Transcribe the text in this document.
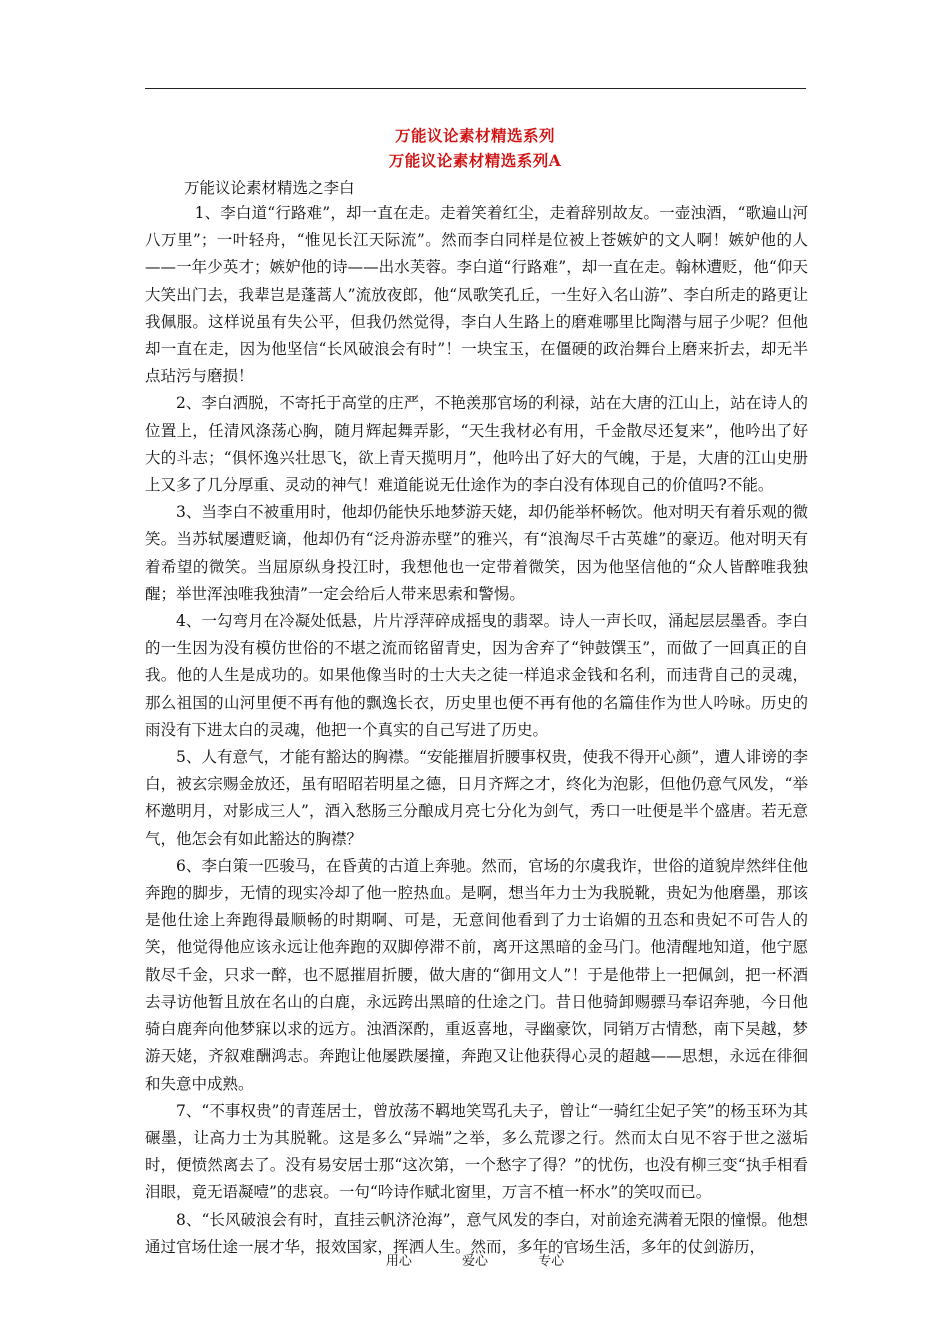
万能议论素材精选系列
万能议论素材精选系列A
万能议论素材精选之李白

1、李白道“行路难”，却一直在走。走着笑着红尘，走着辞别故友。一壶浊酒，“歌遍山河八万里”；一叶轻舟，“惟见长江天际流”。然而李白同样是位被上苍嫉妒的文人啊！嫉妒他的人——一年少英才；嫉妒他的诗——出水芙蓉。李白道“行路难”，却一直在走。翰林遭贬，他“仰天大笑出门去，我辈岂是蓬蒿人”流放夜郎，他“凤歌笑孔丘，一生好入名山游”、李白所走的路更让我佩服。这样说虽有失公平，但我仍然觉得，李白人生路上的磨难哪里比陶潜与屈子少呢？但他却一直在走，因为他坚信“长风破浪会有时”！一块宝玉，在僵硬的政治舞台上磨来折去，却无半点玷污与磨损！

2、李白洒脱，不寄托于高堂的庄严，不艳羡那官场的利禄，站在大唐的江山上，站在诗人的位置上，任清风涤荡心胸，随月辉起舞弄影，“天生我材必有用，千金散尽还复来”，他吟出了好大的斗志；“俱怀逸兴壮思飞，欲上青天揽明月”，他吟出了好大的气魄，于是，大唐的江山史册上又多了几分厚重、灵动的神气！难道能说无仕途作为的李白没有体现自己的价值吗?不能。

3、当李白不被重用时，他却仍能快乐地梦游天姥，却仍能举杯畅饮。他对明天有着乐观的微笑。当苏轼屡遭贬谪，他却仍有“泛舟游赤壁”的雅兴，有“浪淘尽千古英雄”的豪迈。他对明天有着希望的微笑。当屈原纵身投江时，我想他也一定带着微笑，因为他坚信他的“众人皆醉唯我独醒；举世浑浊唯我独清”一定会给后人带来思索和警惕。

4、一勾弯月在冷凝处低悬，片片浮萍碎成摇曳的翡翠。诗人一声长叹，涌起层层墨香。李白的一生因为没有模仿世俗的不堪之流而铭留青史，因为舍弃了“钟鼓馔玉”，而做了一回真正的自我。他的人生是成功的。如果他像当时的士大夫之徒一样追求金钱和名利，而违背自己的灵魂，那么祖国的山河里便不再有他的飘逸长衣，历史里也便不再有他的名篇佳作为世人吟咏。历史的雨没有下进太白的灵魂，他把一个真实的自己写进了历史。

5、人有意气，才能有豁达的胸襟。“安能摧眉折腰事权贵，使我不得开心颜”，遭人诽谤的李白，被玄宗赐金放还，虽有昭昭若明星之德，日月齐辉之才，终化为泡影，但他仍意气风发，“举杯邀明月，对影成三人”，酒入愁肠三分酿成月亮七分化为剑气，秀口一吐便是半个盛唐。若无意气，他怎会有如此豁达的胸襟？

6、李白策一匹骏马，在昏黄的古道上奔驰。然而，官场的尔虞我诈，世俗的道貌岸然绊住他奔跑的脚步，无情的现实冷却了他一腔热血。是啊，想当年力士为我脱靴，贵妃为他磨墨，那该是他仕途上奔跑得最顺畅的时期啊、可是，无意间他看到了力士谄媚的丑态和贵妃不可告人的笑，他觉得他应该永远让他奔跑的双脚停滞不前，离开这黑暗的金马门。他清醒地知道，他宁愿散尽千金，只求一醉，也不愿摧眉折腰，做大唐的“御用文人”！于是他带上一把佩剑，把一杯酒去寻访他暂且放在名山的白鹿，永远跨出黑暗的仕途之门。昔日他骑卸赐骠马奉诏奔驰，今日他骑白鹿奔向他梦寐以求的远方。浊酒深酌，重返喜地，寻幽豪饮，同销万古情愁，南下吴越，梦游天姥，齐叙难酬鸿志。奔跑让他屡跌屡撞，奔跑又让他获得心灵的超越——思想，永远在徘徊和失意中成熟。

7、“不事权贵”的青莲居士，曾放荡不羁地笑骂孔夫子，曾让“一骑红尘妃子笑”的杨玉环为其碾墨，让高力士为其脱靴。这是多么“异端”之举，多么荒谬之行。然而太白见不容于世之滋垢时，便愤然离去了。没有易安居士那“这次第，一个愁字了得？”的忧伤，也没有柳三变“执手相看泪眼，竟无语凝噎”的悲哀。一句“吟诗作赋北窗里，万言不植一杯水”的笑叹而已。

8、“长风破浪会有时，直挂云帆济沧海”，意气风发的李白，对前途充满着无限的憧憬。他想通过官场仕途一展才华，报效国家，挥洒人生。然而，多年的官场生活，多年的仗剑游历，

用心	爱心	专心
